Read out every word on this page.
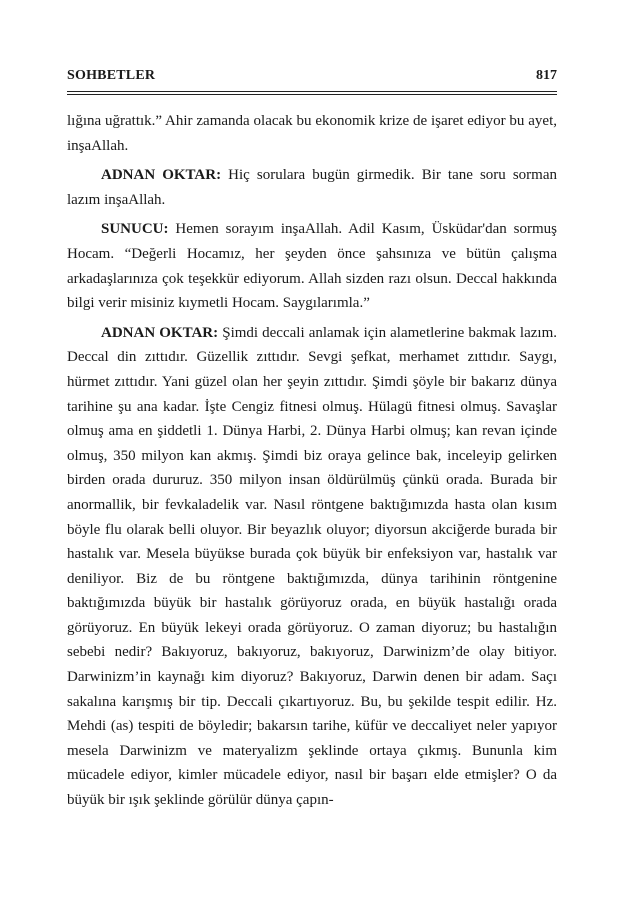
SOHBETLER	817

lığına uğrattık.” Ahir zamanda olacak bu ekonomik krize de işaret ediyor bu ayet, inşaAllah.

ADNAN OKTAR: Hiç sorulara bugün girmedik. Bir tane soru sorman lazım inşaAllah.

SUNUCU: Hemen sorayım inşaAllah. Adil Kasım, Üsküdar'dan sormuş Hocam. “Değerli Hocamız, her şeyden önce şahsınıza ve bütün çalışma arkadaşlarınıza çok teşekkür ediyorum. Allah sizden razı olsun. Deccal hakkında bilgi verir misiniz kıymetli Hocam. Saygılarımla.”

ADNAN OKTAR: Şimdi deccali anlamak için alametlerine bakmak lazım. Deccal din zıttıdır. Güzellik zıttıdır. Sevgi şefkat, merhamet zıttıdır. Saygı, hürmet zıttıdır. Yani güzel olan her şeyin zıttıdır. Şimdi şöyle bir bakarız dünya tarihine şu ana kadar. İşte Cengiz fitnesi olmuş. Hülagü fitnesi olmuş. Savaşlar olmuş ama en şiddetli 1. Dünya Harbi, 2. Dünya Harbi olmuş; kan revan içinde olmuş, 350 milyon kan akmış. Şimdi biz oraya gelince bak, inceleyip gelirken birden orada dururuz. 350 milyon insan öldürülmüş çünkü orada. Burada bir anormallik, bir fevkaladelik var. Nasıl röntgene baktığımızda hasta olan kısım böyle flu olarak belli oluyor. Bir beyazlık oluyor; diyorsun akciğerde burada bir hastalık var. Mesela büyükse burada çok büyük bir enfeksiyon var, hastalık var deniliyor. Biz de bu röntgene baktığımızda, dünya tarihinin röntgenine baktığımızda büyük bir hastalık görüyoruz orada, en büyük hastalığı orada görüyoruz. En büyük lekeyi orada görüyoruz. O zaman diyoruz; bu hastalığın sebebi nedir? Bakıyoruz, bakıyoruz, bakıyoruz, Darwinizm’de olay bitiyor. Darwinizm’in kaynağı kim diyoruz? Bakıyoruz, Darwin denen bir adam. Saçı sakalına karışmış bir tip. Deccali çıkartıyoruz. Bu, bu şekilde tespit edilir. Hz. Mehdi (as) tespiti de böyledir; bakarsın tarihe, küfür ve deccaliyet neler yapıyor mesela Darwinizm ve materyalizm şeklinde ortaya çıkmış. Bununla kim mücadele ediyor, kimler mücadele ediyor, nasıl bir başarı elde etmişler? O da büyük bir ışık şeklinde görülür dünya çapın-
